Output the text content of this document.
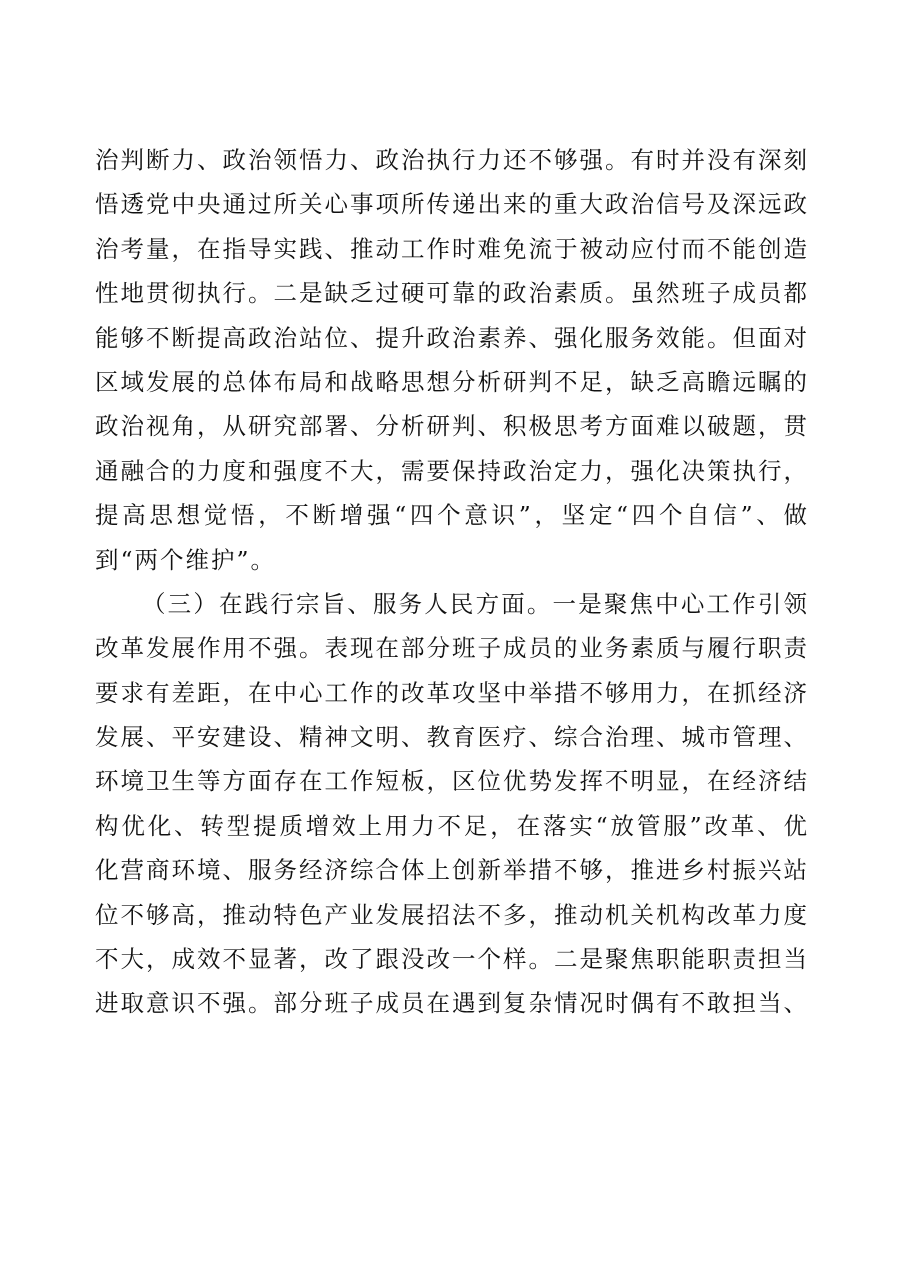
治判断力、政治领悟力、政治执行力还不够强。有时并没有深刻
悟透党中央通过所关心事项所传递出来的重大政治信号及深远政
治考量，在指导实践、推动工作时难免流于被动应付而不能创造
性地贯彻执行。二是缺乏过硬可靠的政治素质。虽然班子成员都
能够不断提高政治站位、提升政治素养、强化服务效能。但面对
区域发展的总体布局和战略思想分析研判不足，缺乏高瞻远瞩的
政治视角，从研究部署、分析研判、积极思考方面难以破题，贯
通融合的力度和强度不大，需要保持政治定力，强化决策执行，
提高思想觉悟，不断增强“四个意识”，坚定“四个自信”、做
到“两个维护”。
（三）在践行宗旨、服务人民方面。一是聚焦中心工作引领
改革发展作用不强。表现在部分班子成员的业务素质与履行职责
要求有差距，在中心工作的改革攻坚中举措不够用力，在抓经济
发展、平安建设、精神文明、教育医疗、综合治理、城市管理、
环境卫生等方面存在工作短板，区位优势发挥不明显，在经济结
构优化、转型提质增效上用力不足，在落实“放管服”改革、优
化营商环境、服务经济综合体上创新举措不够，推进乡村振兴站
位不够高，推动特色产业发展招法不多，推动机关机构改革力度
不大，成效不显著，改了跟没改一个样。二是聚焦职能职责担当
进取意识不强。部分班子成员在遇到复杂情况时偶有不敢担当、
